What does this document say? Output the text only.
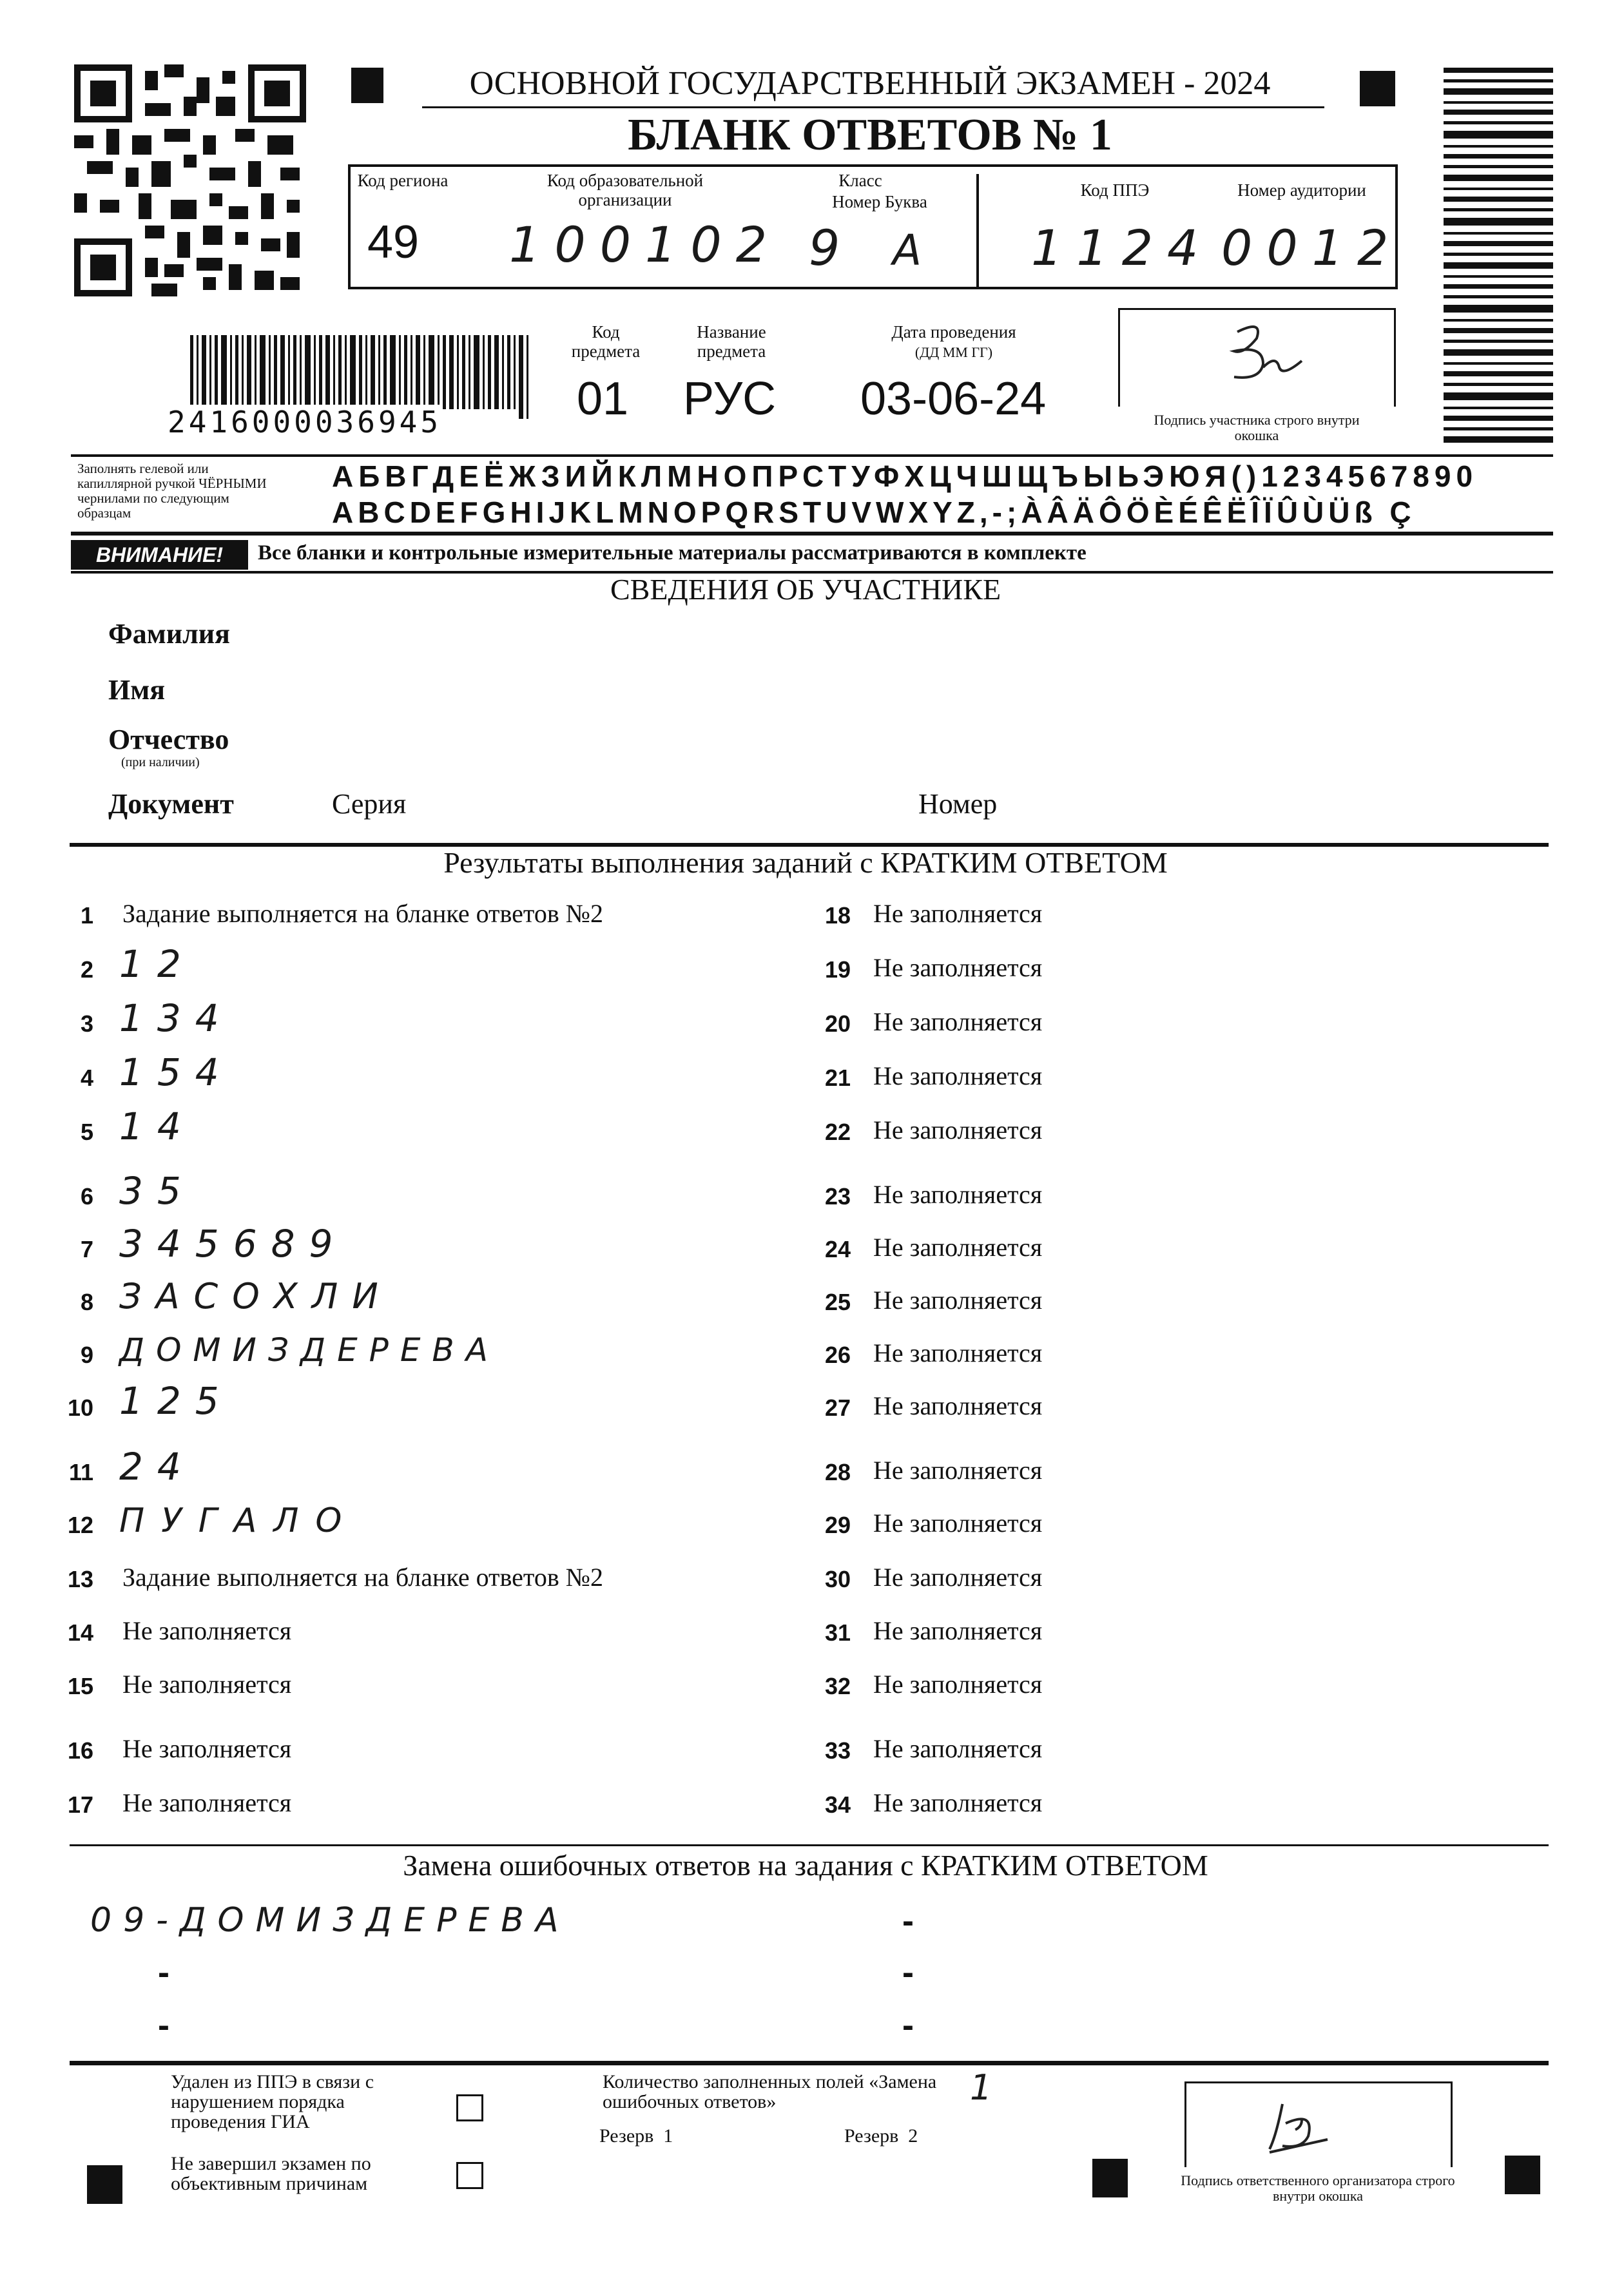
ОСНОВНОЙ ГОСУДАРСТВЕННЫЙ ЭКЗАМЕН - 2024
БЛАНК ОТВЕТОВ № 1
Код региона
49
Код образовательной организации
100102
Класс
Номер Буква
9 А
Код ППЭ
1124
Номер аудитории
0012
2416000036945
Код предмета
01
Название предмета
РУС
Дата проведения
(ДД ММ ГГ)
03-06-24	Подпись участника строго внутри окошка
Заполнять гелевой или капиллярной ручкой ЧЁРНЫМИ чернилами по следующим образцам
АБВГДЕЁЖЗИЙКЛМНОПРСТУФХЦЧШЩЪЫЬЭЮЯ()1234567890
ABCDEFGHIJKLMNOPQRSTUVWXYZ,-;ÀÂÄÔÖÈÉÊËÎÏÛÙÜß Ç
ВНИМАНИЕ!	Все бланки и контрольные измерительные материалы рассматриваются в комплекте
СВЕДЕНИЯ ОБ УЧАСТНИКЕ
Фамилия
Имя
Отчество
(при наличии)
Документ	Серия	Номер
Результаты выполнения заданий с КРАТКИМ ОТВЕТОМ
1 Задание выполняется на бланке ответов №2
2 12
3 134
4 154
5 14
6 35
7 345689
8 ЗАСОХЛИ
9 ДОМИЗДЕРЕВА
10 125
11 24
12 ПУГАЛО
13 Задание выполняется на бланке ответов №2
14 Не заполняется
15 Не заполняется
16 Не заполняется
17 Не заполняется
18 Не заполняется
19 Не заполняется
20 Не заполняется
21 Не заполняется
22 Не заполняется
23 Не заполняется
24 Не заполняется
25 Не заполняется
26 Не заполняется
27 Не заполняется
28 Не заполняется
29 Не заполняется
30 Не заполняется
31 Не заполняется
32 Не заполняется
33 Не заполняется
34 Не заполняется
Замена ошибочных ответов на задания с КРАТКИМ ОТВЕТОМ
09-ДОМИЗДЕРЕВА
-
-
-
-
-
Удален из ППЭ в связи с нарушением порядка проведения ГИА
Не завершил экзамен по объективным причинам
Количество заполненных полей «Замена ошибочных ответов»	1
Резерв  1	Резерв  2
Подпись ответственного организатора строго внутри окошка
